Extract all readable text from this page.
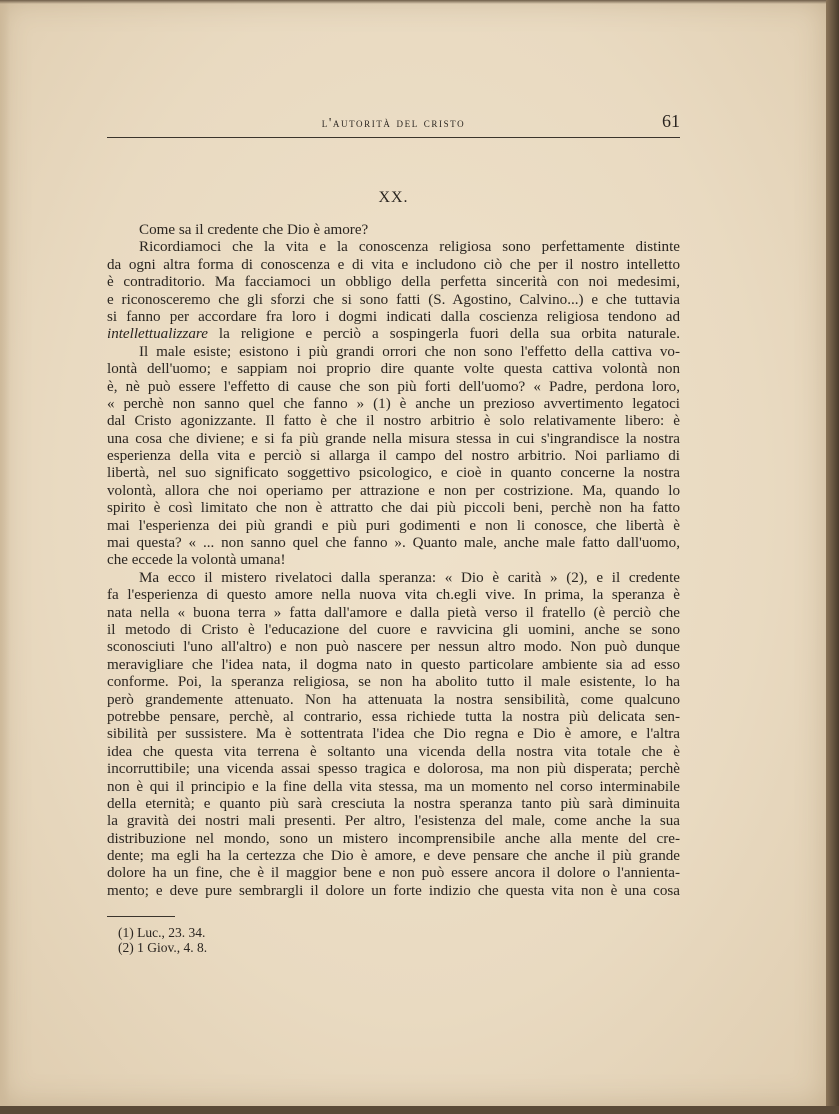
l'autorità del cristo	61
XX.
Come sa il credente che Dio è amore?
Ricordiamoci che la vita e la conoscenza religiosa sono perfettamente distinte
da ogni altra forma di conoscenza e di vita e includono ciò che per il nostro intelletto
è contraditorio. Ma facciamoci un obbligo della perfetta sincerità con noi medesimi,
e riconosceremo che gli sforzi che si sono fatti (S. Agostino, Calvino...) e che tuttavia
si fanno per accordare fra loro i dogmi indicati dalla coscienza religiosa tendono ad
intellettualizzare la religione e perciò a sospingerla fuori della sua orbita naturale.
Il male esiste; esistono i più grandi orrori che non sono l'effetto della cattiva vo-
lontà dell'uomo; e sappiam noi proprio dire quante volte questa cattiva volontà non
è, nè può essere l'effetto di cause che son più forti dell'uomo? « Padre, perdona loro,
« perchè non sanno quel che fanno » (1) è anche un prezioso avvertimento legatoci
dal Cristo agonizzante. Il fatto è che il nostro arbitrio è solo relativamente libero: è
una cosa che diviene; e si fa più grande nella misura stessa in cui s'ingrandisce la nostra
esperienza della vita e perciò si allarga il campo del nostro arbitrio. Noi parliamo di
libertà, nel suo significato soggettivo psicologico, e cioè in quanto concerne la nostra
volontà, allora che noi operiamo per attrazione e non per costrizione. Ma, quando lo
spirito è così limitato che non è attratto che dai più piccoli beni, perchè non ha fatto
mai l'esperienza dei più grandi e più puri godimenti e non li conosce, che libertà è
mai questa? « ... non sanno quel che fanno ». Quanto male, anche male fatto dall'uomo,
che eccede la volontà umana!
Ma ecco il mistero rivelatoci dalla speranza: « Dio è carità » (2), e il credente
fa l'esperienza di questo amore nella nuova vita ch.egli vive. In prima, la speranza è
nata nella « buona terra » fatta dall'amore e dalla pietà verso il fratello (è perciò che
il metodo di Cristo è l'educazione del cuore e ravvicina gli uomini, anche se sono
sconosciuti l'uno all'altro) e non può nascere per nessun altro modo. Non può dunque
meravigliare che l'idea nata, il dogma nato in questo particolare ambiente sia ad esso
conforme. Poi, la speranza religiosa, se non ha abolito tutto il male esistente, lo ha
però grandemente attenuato. Non ha attenuata la nostra sensibilità, come qualcuno
potrebbe pensare, perchè, al contrario, essa richiede tutta la nostra più delicata sen-
sibilità per sussistere. Ma è sottentrata l'idea che Dio regna e Dio è amore, e l'altra
idea che questa vita terrena è soltanto una vicenda della nostra vita totale che è
incorruttibile; una vicenda assai spesso tragica e dolorosa, ma non più disperata; perchè
non è qui il principio e la fine della vita stessa, ma un momento nel corso interminabile
della eternità; e quanto più sarà cresciuta la nostra speranza tanto più sarà diminuita
la gravità dei nostri mali presenti. Per altro, l'esistenza del male, come anche la sua
distribuzione nel mondo, sono un mistero incomprensibile anche alla mente del cre-
dente; ma egli ha la certezza che Dio è amore, e deve pensare che anche il più grande
dolore ha un fine, che è il maggior bene e non può essere ancora il dolore o l'annienta-
mento; e deve pure sembrargli il dolore un forte indizio che questa vita non è una cosa
(1) Luc., 23. 34.
(2) 1 Giov., 4. 8.
